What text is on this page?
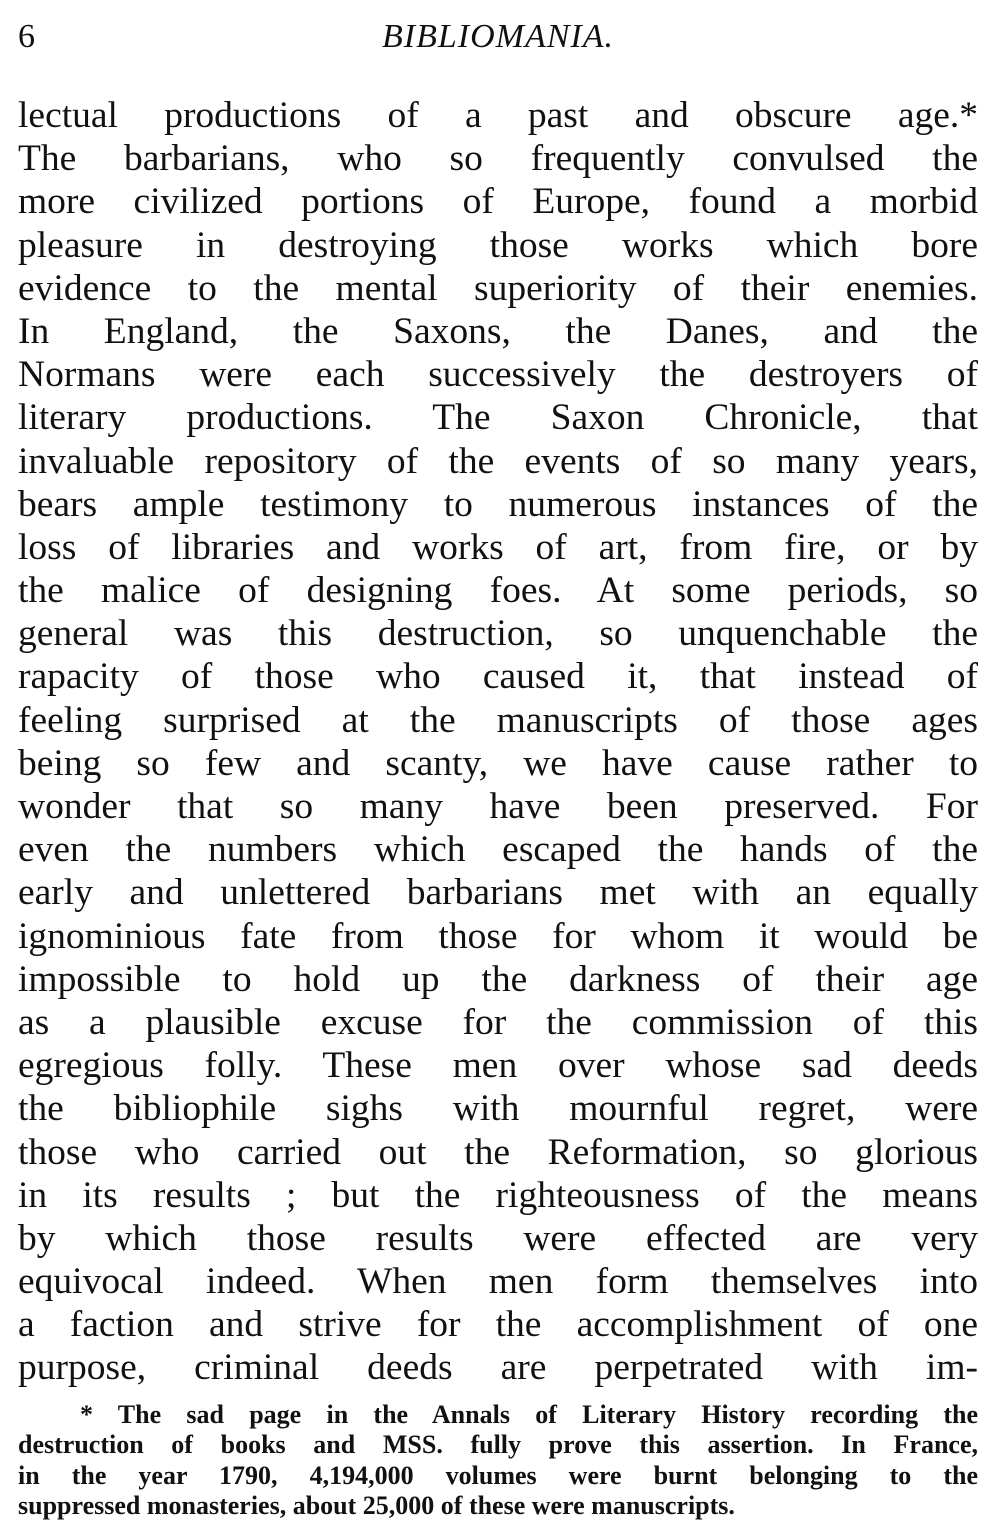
6	BIBLIOMANIA.
lectual productions of a past and obscure age.*
The barbarians, who so frequently convulsed the
more civilized portions of Europe, found a morbid
pleasure in destroying those works which bore
evidence to the mental superiority of their enemies.
In England, the Saxons, the Danes, and the
Normans were each successively the destroyers of
literary productions. The Saxon Chronicle, that
invaluable repository of the events of so many years,
bears ample testimony to numerous instances of the
loss of libraries and works of art, from fire, or by
the malice of designing foes. At some periods, so
general was this destruction, so unquenchable the
rapacity of those who caused it, that instead of
feeling surprised at the manuscripts of those ages
being so few and scanty, we have cause rather to
wonder that so many have been preserved. For
even the numbers which escaped the hands of the
early and unlettered barbarians met with an equally
ignominious fate from those for whom it would be
impossible to hold up the darkness of their age
as a plausible excuse for the commission of this
egregious folly. These men over whose sad deeds
the bibliophile sighs with mournful regret, were
those who carried out the Reformation, so glorious
in its results ; but the righteousness of the means
by which those results were effected are very
equivocal indeed. When men form themselves into
a faction and strive for the accomplishment of one
purpose, criminal deeds are perpetrated with im-
* The sad page in the Annals of Literary History recording the
destruction of books and MSS. fully prove this assertion. In France,
in the year 1790, 4,194,000 volumes were burnt belonging to the
suppressed monasteries, about 25,000 of these were manuscripts.
